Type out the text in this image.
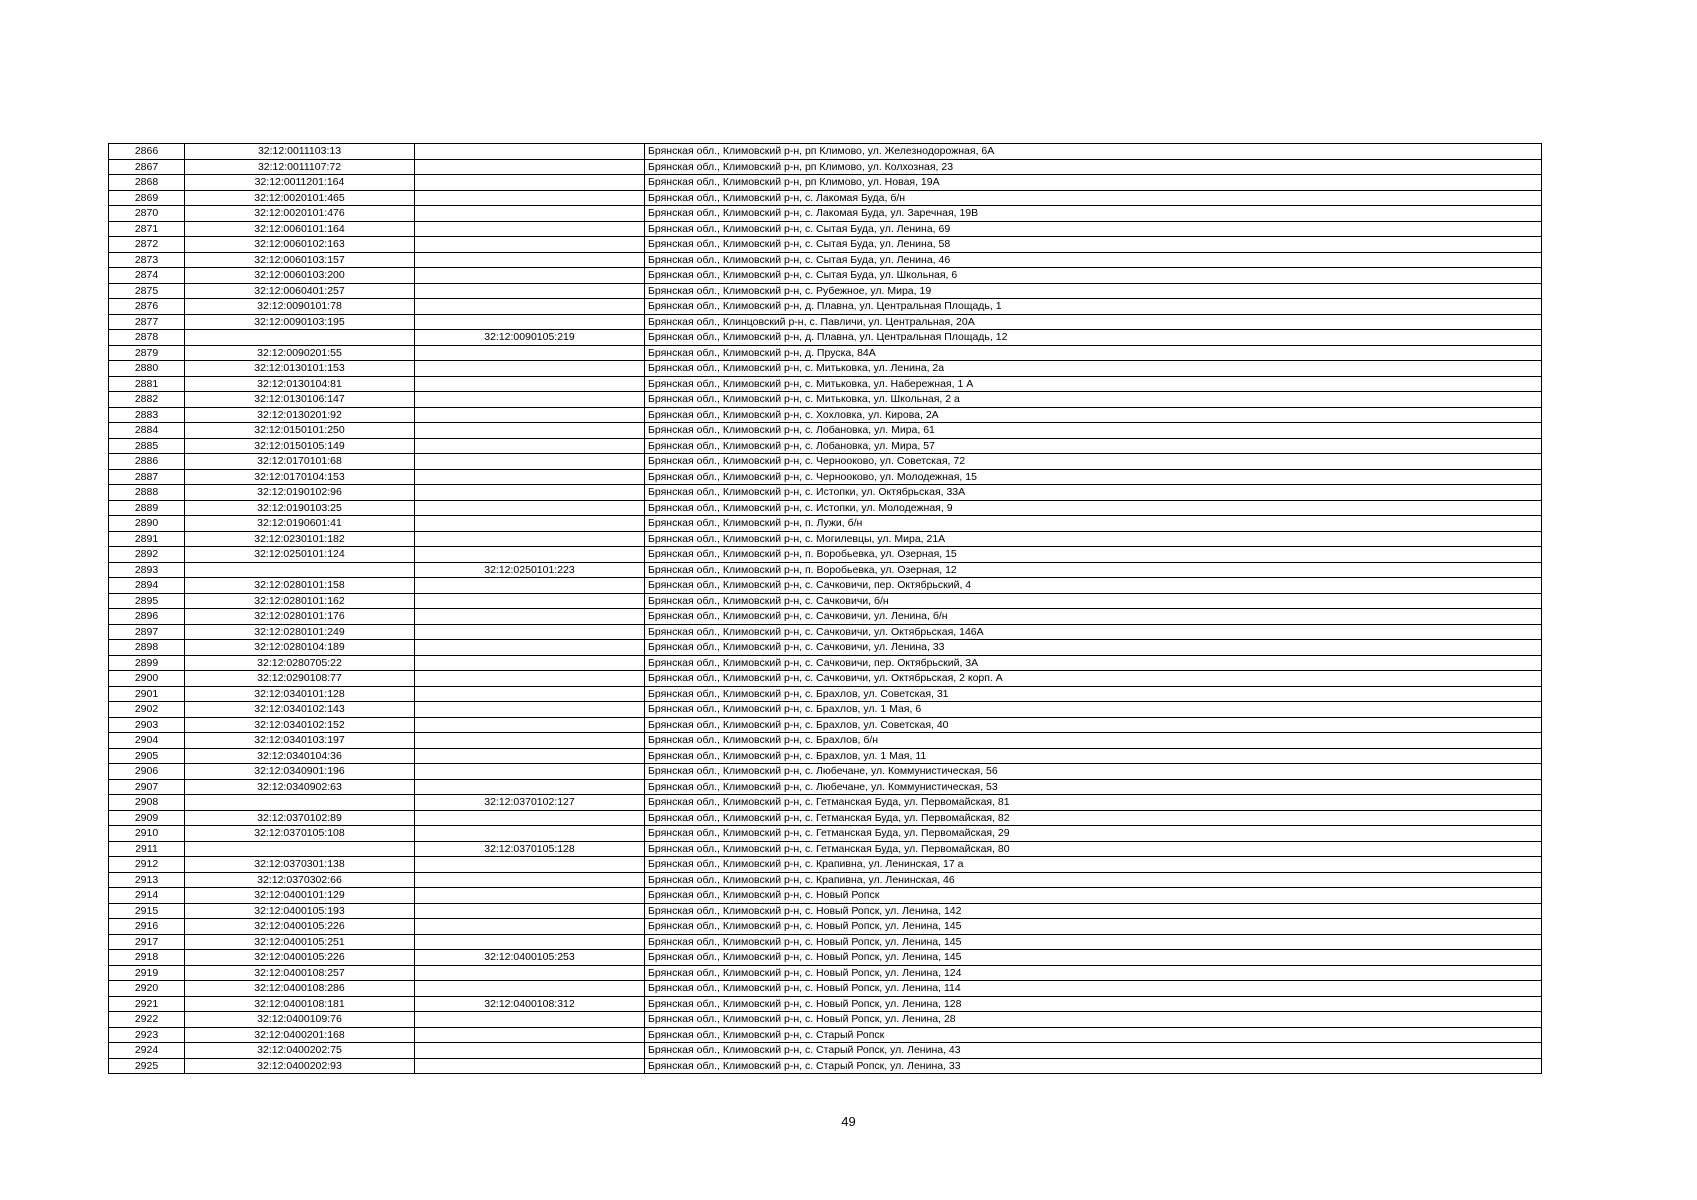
2866	32:12:0011103:13		Брянская обл., Климовский р-н, рп Климово, ул. Железнодорожная, 6А
2867	32:12:0011107:72		Брянская обл., Климовский р-н, рп Климово, ул. Колхозная, 23
2868	32:12:0011201:164		Брянская обл., Климовский р-н, рп Климово, ул. Новая, 19А
2869	32:12:0020101:465		Брянская обл., Климовский р-н, с. Лакомая Буда, б/н
2870	32:12:0020101:476		Брянская обл., Климовский р-н, с. Лакомая Буда, ул. Заречная, 19В
2871	32:12:0060101:164		Брянская обл., Климовский р-н, с. Сытая Буда, ул. Ленина, 69
2872	32:12:0060102:163		Брянская обл., Климовский р-н, с. Сытая Буда, ул. Ленина, 58
2873	32:12:0060103:157		Брянская обл., Климовский р-н, с. Сытая Буда, ул. Ленина, 46
2874	32:12:0060103:200		Брянская обл., Климовский р-н, с. Сытая Буда, ул. Школьная, 6
2875	32:12:0060401:257		Брянская обл., Климовский р-н, с. Рубежное, ул. Мира, 19
2876	32:12:0090101:78		Брянская обл., Климовский р-н, д. Плавна, ул. Центральная Площадь, 1
2877	32:12:0090103:195		Брянская обл., Клинцовский р-н, с. Павличи, ул. Центральная, 20А
2878		32:12:0090105:219	Брянская обл., Климовский р-н, д. Плавна, ул. Центральная Площадь, 12
2879	32:12:0090201:55		Брянская обл., Климовский р-н, д. Пруска, 84А
2880	32:12:0130101:153		Брянская обл., Климовский р-н, с. Митьковка, ул. Ленина, 2а
2881	32:12:0130104:81		Брянская обл., Климовский р-н, с. Митьковка, ул. Набережная, 1 А
2882	32:12:0130106:147		Брянская обл., Климовский р-н, с. Митьковка, ул. Школьная, 2 а
2883	32:12:0130201:92		Брянская обл., Климовский р-н, с. Хохловка, ул. Кирова, 2А
2884	32:12:0150101:250		Брянская обл., Климовский р-н, с. Лобановка, ул. Мира, 61
2885	32:12:0150105:149		Брянская обл., Климовский р-н, с. Лобановка, ул. Мира, 57
2886	32:12:0170101:68		Брянская обл., Климовский р-н, с. Чернооково, ул. Советская, 72
2887	32:12:0170104:153		Брянская обл., Климовский р-н, с. Чернооково, ул. Молодежная, 15
2888	32:12:0190102:96		Брянская обл., Климовский р-н, с. Истопки, ул. Октябрьская, 33А
2889	32:12:0190103:25		Брянская обл., Климовский р-н, с. Истопки, ул. Молодежная, 9
2890	32:12:0190601:41		Брянская обл., Климовский р-н, п. Лужи, б/н
2891	32:12:0230101:182		Брянская обл., Климовский р-н, с. Могилевцы, ул. Мира, 21А
2892	32:12:0250101:124		Брянская обл., Климовский р-н, п. Воробьевка, ул. Озерная, 15
2893		32:12:0250101:223	Брянская обл., Климовский р-н, п. Воробьевка, ул. Озерная, 12
2894	32:12:0280101:158		Брянская обл., Климовский р-н, с. Сачковичи, пер. Октябрьский, 4
2895	32:12:0280101:162		Брянская обл., Климовский р-н, с. Сачковичи, б/н
2896	32:12:0280101:176		Брянская обл., Климовский р-н, с. Сачковичи, ул. Ленина, б/н
2897	32:12:0280101:249		Брянская обл., Климовский р-н, с. Сачковичи, ул. Октябрьская, 146А
2898	32:12:0280104:189		Брянская обл., Климовский р-н, с. Сачковичи, ул. Ленина, 33
2899	32:12:0280705:22		Брянская обл., Климовский р-н, с. Сачковичи, пер. Октябрьский, 3А
2900	32:12:0290108:77		Брянская обл., Климовский р-н, с. Сачковичи, ул. Октябрьская, 2 корп. А
2901	32:12:0340101:128		Брянская обл., Климовский р-н, с. Брахлов, ул. Советская, 31
2902	32:12:0340102:143		Брянская обл., Климовский р-н, с. Брахлов, ул. 1 Мая, 6
2903	32:12:0340102:152		Брянская обл., Климовский р-н, с. Брахлов, ул. Советская, 40
2904	32:12:0340103:197		Брянская обл., Климовский р-н, с. Брахлов, б/н
2905	32:12:0340104:36		Брянская обл., Климовский р-н, с. Брахлов, ул. 1 Мая, 11
2906	32:12:0340901:196		Брянская обл., Климовский р-н, с. Любечане, ул. Коммунистическая, 56
2907	32:12:0340902:63		Брянская обл., Климовский р-н, с. Любечане, ул. Коммунистическая, 53
2908		32:12:0370102:127	Брянская обл., Климовский р-н, с. Гетманская Буда, ул. Первомайская, 81
2909	32:12:0370102:89		Брянская обл., Климовский р-н, с. Гетманская Буда, ул. Первомайская, 82
2910	32:12:0370105:108		Брянская обл., Климовский р-н, с. Гетманская Буда, ул. Первомайская, 29
2911		32:12:0370105:128	Брянская обл., Климовский р-н, с. Гетманская Буда, ул. Первомайская, 80
2912	32:12:0370301:138		Брянская обл., Климовский р-н, с. Крапивна, ул. Ленинская, 17 а
2913	32:12:0370302:66		Брянская обл., Климовский р-н, с. Крапивна, ул. Ленинская, 46
2914	32:12:0400101:129		Брянская обл., Климовский р-н, с. Новый Ропск
2915	32:12:0400105:193		Брянская обл., Климовский р-н, с. Новый Ропск, ул. Ленина, 142
2916	32:12:0400105:226		Брянская обл., Климовский р-н, с. Новый Ропск, ул. Ленина, 145
2917	32:12:0400105:251		Брянская обл., Климовский р-н, с. Новый Ропск, ул. Ленина, 145
2918	32:12:0400105:226	32:12:0400105:253	Брянская обл., Климовский р-н, с. Новый Ропск, ул. Ленина, 145
2919	32:12:0400108:257		Брянская обл., Климовский р-н, с. Новый Ропск, ул. Ленина, 124
2920	32:12:0400108:286		Брянская обл., Климовский р-н, с. Новый Ропск, ул. Ленина, 114
2921	32:12:0400108:181	32:12:0400108:312	Брянская обл., Климовский р-н, с. Новый Ропск, ул. Ленина, 128
2922	32:12:0400109:76		Брянская обл., Климовский р-н, с. Новый Ропск, ул. Ленина, 28
2923	32:12:0400201:168		Брянская обл., Климовский р-н, с. Старый Ропск
2924	32:12:0400202:75		Брянская обл., Климовский р-н, с. Старый Ропск, ул. Ленина, 43
2925	32:12:0400202:93		Брянская обл., Климовский р-н, с. Старый Ропск, ул. Ленина, 33
49
